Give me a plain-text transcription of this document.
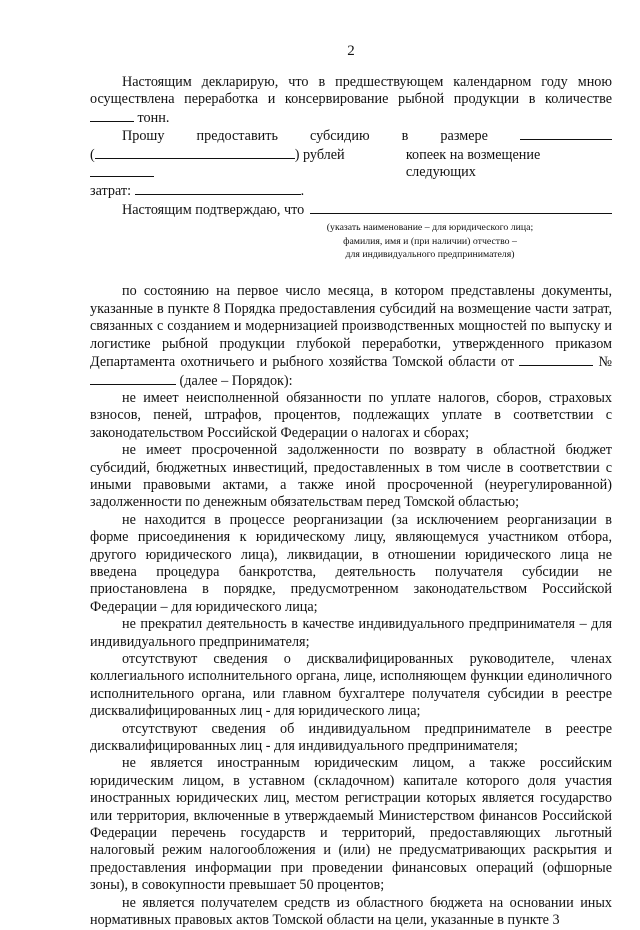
2

Настоящим декларирую, что в предшествующем календарном году мною осуществлена переработка и консервирование рыбной продукции в количестве  тонн.

Прошу предоставить субсидию в размере
(	) рублей	копеек на возмещение следующих
затрат:	.
Настоящим подтверждаю, что
(указать наименование – для юридического лица;
фамилия, имя и (при наличии) отчество –
для индивидуального предпринимателя)

по состоянию на первое число месяца, в котором представлены документы, указанные в пункте 8 Порядка предоставления субсидий на возмещение части затрат, связанных с созданием и модернизацией производственных мощностей по выпуску и логистике рыбной продукции глубокой переработки, утвержденного приказом Департамента охотничьего и рыбного хозяйства Томской области от	№  (далее – Порядок):

не имеет неисполненной обязанности по уплате налогов, сборов, страховых взносов, пеней, штрафов, процентов, подлежащих уплате в соответствии с законодательством Российской Федерации о налогах и сборах;

не имеет просроченной задолженности по возврату в областной бюджет субсидий, бюджетных инвестиций, предоставленных в том числе в соответствии с иными правовыми актами, а также иной просроченной (неурегулированной) задолженности по денежным обязательствам перед Томской областью;

не находится в процессе реорганизации (за исключением реорганизации в форме присоединения к юридическому лицу, являющемуся участником отбора, другого юридического лица), ликвидации, в отношении юридического лица не введена процедура банкротства, деятельность получателя субсидии не приостановлена в порядке, предусмотренном законодательством Российской Федерации – для юридического лица;

не прекратил деятельность в качестве индивидуального предпринимателя – для индивидуального предпринимателя;

отсутствуют сведения о дисквалифицированных руководителе, членах коллегиального исполнительного органа, лице, исполняющем функции единоличного исполнительного органа, или главном бухгалтере получателя субсидии в реестре дисквалифицированных лиц - для юридического лица;

отсутствуют сведения об индивидуальном предпринимателе в реестре дисквалифицированных лиц - для индивидуального предпринимателя;

не является иностранным юридическим лицом, а также российским юридическим лицом, в уставном (складочном) капитале которого доля участия иностранных юридических лиц, местом регистрации которых является государство или территория, включенные в утверждаемый Министерством финансов Российской Федерации перечень государств и территорий, предоставляющих льготный налоговый режим налогообложения и (или) не предусматривающих раскрытия и предоставления информации при проведении финансовых операций (офшорные зоны), в совокупности превышает 50 процентов;

не является получателем средств из областного бюджета на основании иных нормативных правовых актов Томской области на цели, указанные в пункте 3
